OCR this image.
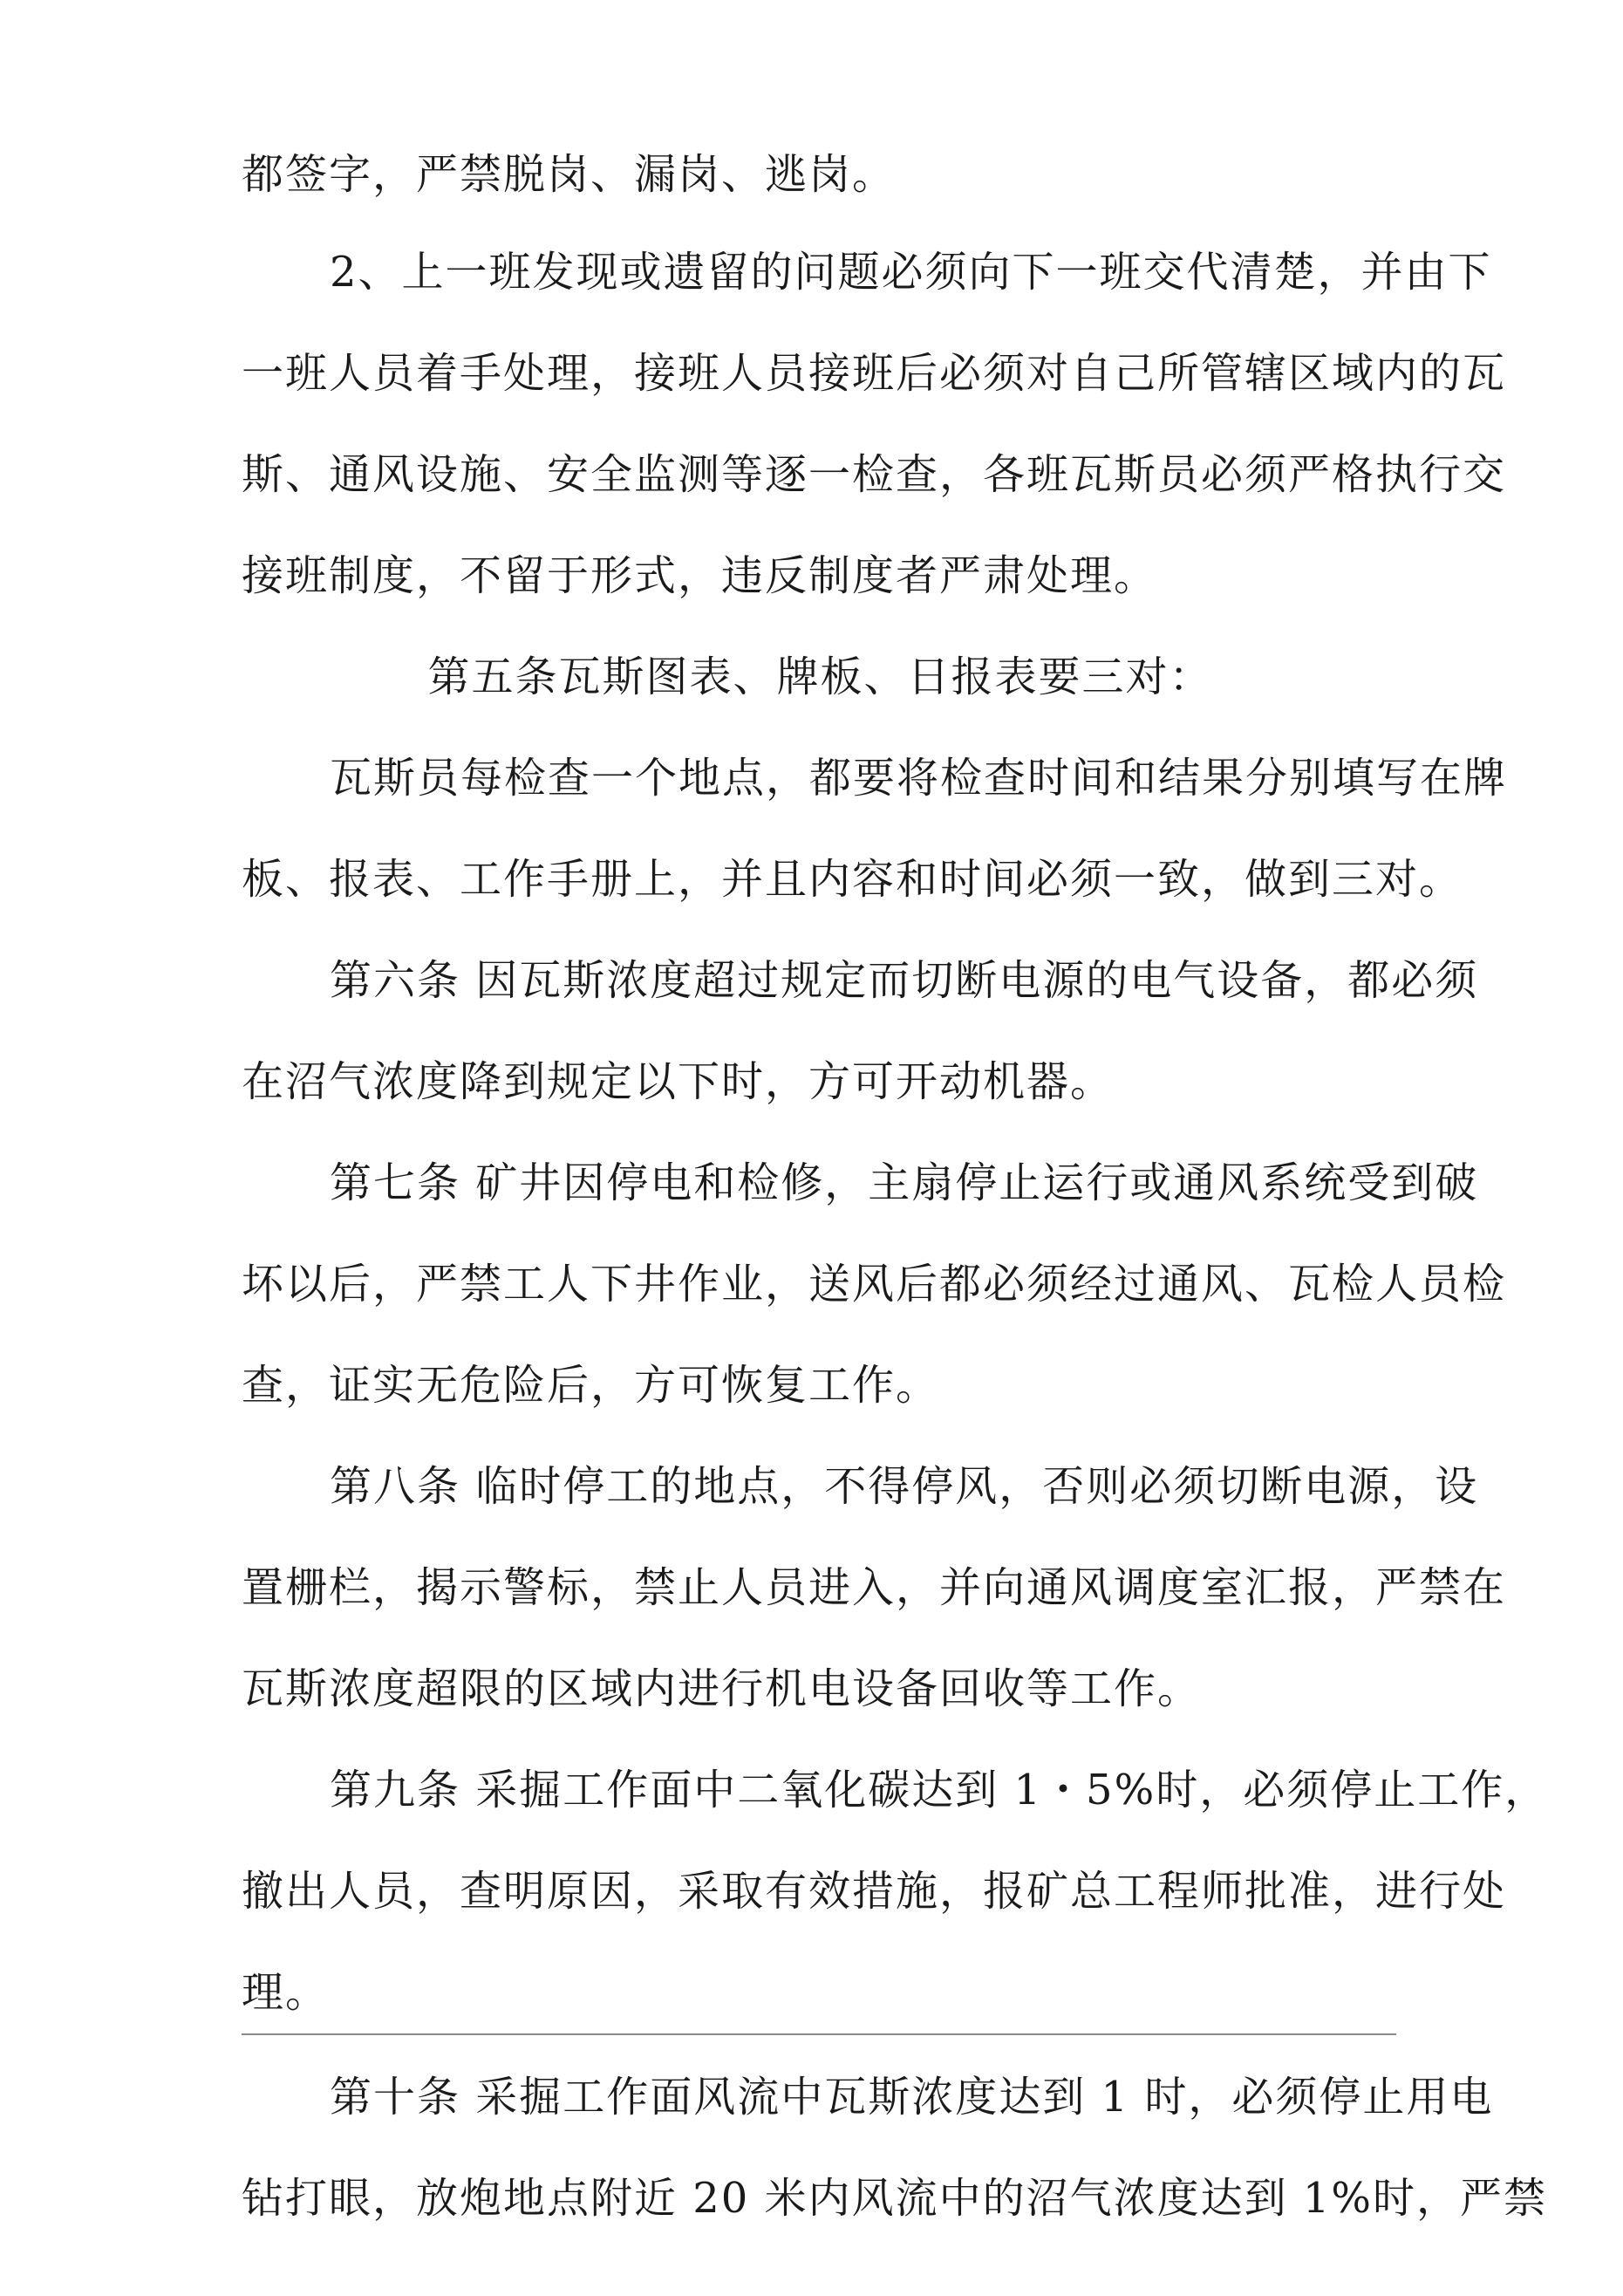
都签字，严禁脱岗、漏岗、逃岗。
2、上一班发现或遗留的问题必须向下一班交代清楚，并由下
一班人员着手处理，接班人员接班后必须对自己所管辖区域内的瓦
斯、通风设施、安全监测等逐一检查，各班瓦斯员必须严格执行交
接班制度，不留于形式，违反制度者严肃处理。
第五条瓦斯图表、牌板、日报表要三对：
瓦斯员每检查一个地点，都要将检查时间和结果分别填写在牌
板、报表、工作手册上，并且内容和时间必须一致，做到三对。
第六条 因瓦斯浓度超过规定而切断电源的电气设备，都必须
在沼气浓度降到规定以下时，方可开动机器。
第七条 矿井因停电和检修，主扇停止运行或通风系统受到破
坏以后，严禁工人下井作业，送风后都必须经过通风、瓦检人员检
查，证实无危险后，方可恢复工作。
第八条 临时停工的地点，不得停风，否则必须切断电源，设
置栅栏，揭示警标，禁止人员进入，并向通风调度室汇报，严禁在
瓦斯浓度超限的区域内进行机电设备回收等工作。
第九条 采掘工作面中二氧化碳达到 1・5%时，必须停止工作，
撤出人员，查明原因，采取有效措施，报矿总工程师批准，进行处
理。
第十条 采掘工作面风流中瓦斯浓度达到 1 时，必须停止用电
钻打眼，放炮地点附近 20 米内风流中的沼气浓度达到 1%时，严禁
